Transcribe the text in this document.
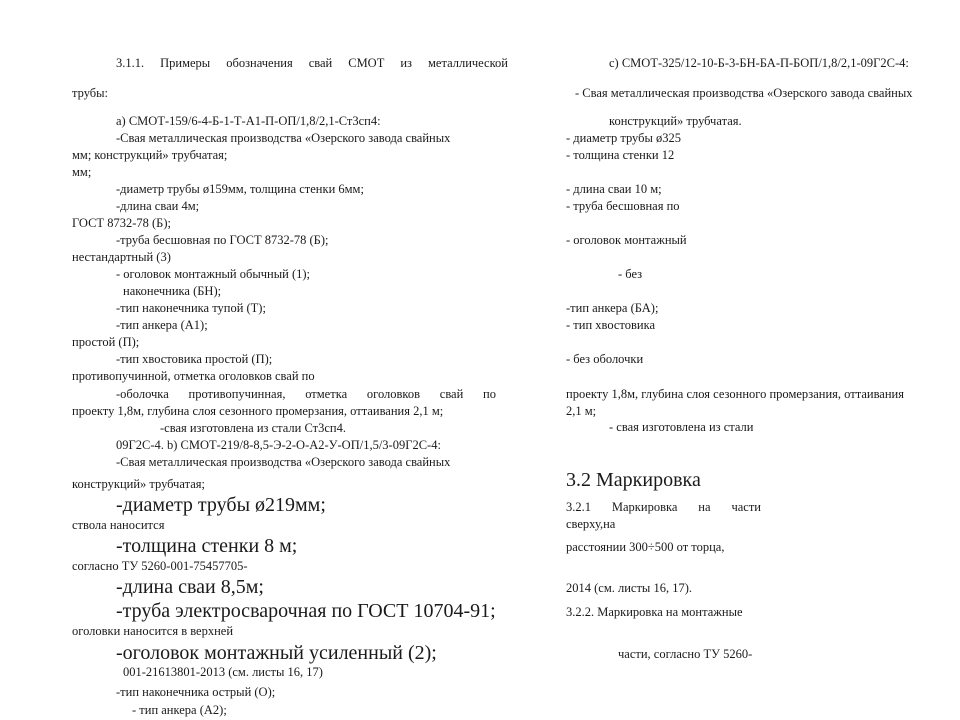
3.1.1. Примеры обозначения свай СМОТ из металлической
трубы:
а) СМОТ-159/6-4-Б-1-Т-А1-П-ОП/1,8/2,1-Ст3сп4:
-Свая металлическая производства «Озерского завода свайных
мм; конструкций» трубчатая;
мм;
-диаметр трубы ø159мм, толщина стенки 6мм;
-длина сваи 4м;
ГОСТ 8732-78 (Б);
-труба бесшовная по ГОСТ 8732-78 (Б);
нестандартный (3)
- оголовок монтажный обычный (1);
наконечника (БН);
-тип наконечника тупой (Т);
-тип анкера (А1);
простой (П);
-тип хвостовика простой (П);
противопучинной, отметка оголовков свай по
-оболочка противопучинная, отметка оголовков свай по
проекту 1,8м, глубина слоя сезонного промерзания, оттаивания 2,1 м;
-свая изготовлена из стали Ст3сп4.
09Г2С-4. b) СМОТ-219/8-8,5-Э-2-О-А2-У-ОП/1,5/3-09Г2С-4:
-Свая металлическая производства «Озерского завода свайных
конструкций» трубчатая;
-диаметр трубы ø219мм;
ствола наносится
-толщина стенки 8 м;
согласно ТУ 5260-001-75457705-
-длина сваи 8,5м;
-труба электросварочная по ГОСТ 10704-91;
оголовки наносится в верхней
-оголовок монтажный усиленный (2);
001-21613801-2013 (см. листы 16, 17)
-тип наконечника острый (О);
- тип анкера (А2);
с) СМОТ-325/12-10-Б-3-БН-БА-П-БОП/1,8/2,1-09Г2С-4:
- Свая металлическая производства «Озерского завода свайных
конструкций» трубчатая.
- диаметр трубы ø325
- толщина стенки 12
- длина сваи 10 м;
- труба бесшовная по
- оголовок монтажный
- без
-тип анкера (БА);
- тип хвостовика
- без оболочки
проекту 1,8м, глубина слоя сезонного промерзания, оттаивания
2,1 м;
- свая изготовлена из стали
3.2 Маркировка
3.2.1 Маркировка на части
сверху,на
расстоянии 300÷500 от торца,
2014 (см. листы 16, 17).
3.2.2. Маркировка на монтажные
части, согласно ТУ 5260-
